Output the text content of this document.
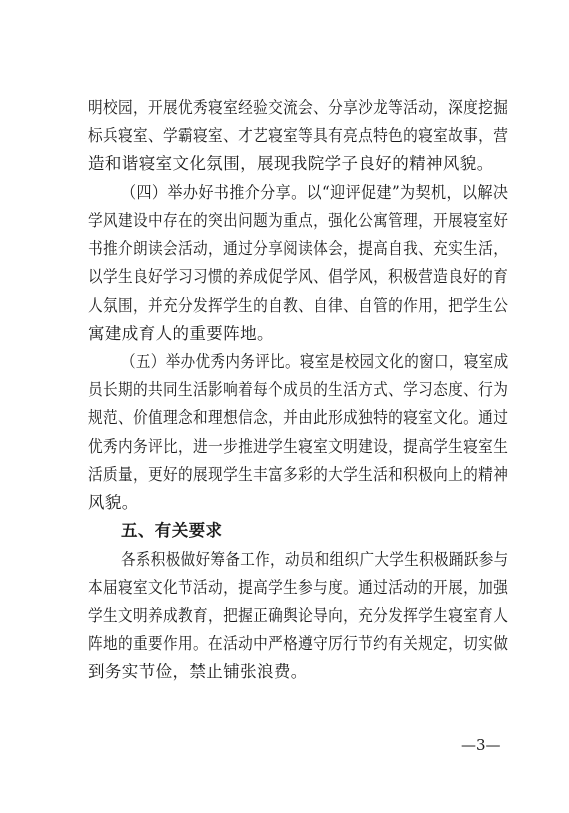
明校园，开展优秀寝室经验交流会、分享沙龙等活动，深度挖掘
标兵寝室、学霸寝室、才艺寝室等具有亮点特色的寝室故事，营
造和谐寝室文化氛围，展现我院学子良好的精神风貌。
（四）举办好书推介分享。以“迎评促建”为契机，以解决
学风建设中存在的突出问题为重点，强化公寓管理，开展寝室好
书推介朗读会活动，通过分享阅读体会，提高自我、充实生活，
以学生良好学习习惯的养成促学风、倡学风，积极营造良好的育
人氛围，并充分发挥学生的自教、自律、自管的作用，把学生公
寓建成育人的重要阵地。
（五）举办优秀内务评比。寝室是校园文化的窗口，寝室成
员长期的共同生活影响着每个成员的生活方式、学习态度、行为
规范、价值理念和理想信念，并由此形成独特的寝室文化。通过
优秀内务评比，进一步推进学生寝室文明建设，提高学生寝室生
活质量，更好的展现学生丰富多彩的大学生活和积极向上的精神
风貌。
五、有关要求
各系积极做好筹备工作，动员和组织广大学生积极踊跃参与
本届寝室文化节活动，提高学生参与度。通过活动的开展，加强
学生文明养成教育，把握正确舆论导向，充分发挥学生寝室育人
阵地的重要作用。在活动中严格遵守厉行节约有关规定，切实做
到务实节俭，禁止铺张浪费。
—3—
